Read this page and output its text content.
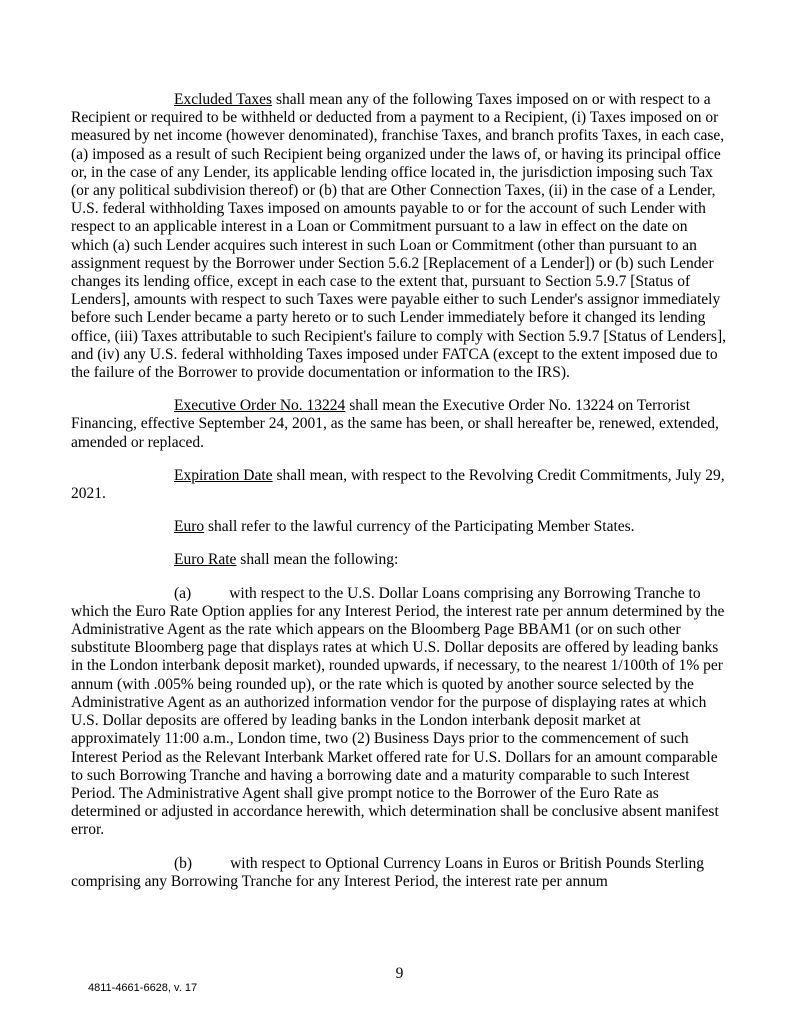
Excluded Taxes shall mean any of the following Taxes imposed on or with respect to a Recipient or required to be withheld or deducted from a payment to a Recipient, (i) Taxes imposed on or measured by net income (however denominated), franchise Taxes, and branch profits Taxes, in each case, (a) imposed as a result of such Recipient being organized under the laws of, or having its principal office or, in the case of any Lender, its applicable lending office located in, the jurisdiction imposing such Tax (or any political subdivision thereof) or (b) that are Other Connection Taxes, (ii) in the case of a Lender, U.S. federal withholding Taxes imposed on amounts payable to or for the account of such Lender with respect to an applicable interest in a Loan or Commitment pursuant to a law in effect on the date on which (a) such Lender acquires such interest in such Loan or Commitment (other than pursuant to an assignment request by the Borrower under Section 5.6.2 [Replacement of a Lender]) or (b) such Lender changes its lending office, except in each case to the extent that, pursuant to Section 5.9.7 [Status of Lenders], amounts with respect to such Taxes were payable either to such Lender's assignor immediately before such Lender became a party hereto or to such Lender immediately before it changed its lending office, (iii) Taxes attributable to such Recipient's failure to comply with Section 5.9.7 [Status of Lenders], and (iv) any U.S. federal withholding Taxes imposed under FATCA (except to the extent imposed due to the failure of the Borrower to provide documentation or information to the IRS).

Executive Order No. 13224 shall mean the Executive Order No. 13224 on Terrorist Financing, effective September 24, 2001, as the same has been, or shall hereafter be, renewed, extended, amended or replaced.

Expiration Date shall mean, with respect to the Revolving Credit Commitments, July 29, 2021.

Euro shall refer to the lawful currency of the Participating Member States.

Euro Rate shall mean the following:

(a) with respect to the U.S. Dollar Loans comprising any Borrowing Tranche to which the Euro Rate Option applies for any Interest Period, the interest rate per annum determined by the Administrative Agent as the rate which appears on the Bloomberg Page BBAM1 (or on such other substitute Bloomberg page that displays rates at which U.S. Dollar deposits are offered by leading banks in the London interbank deposit market), rounded upwards, if necessary, to the nearest 1/100th of 1% per annum (with .005% being rounded up), or the rate which is quoted by another source selected by the Administrative Agent as an authorized information vendor for the purpose of displaying rates at which U.S. Dollar deposits are offered by leading banks in the London interbank deposit market at approximately 11:00 a.m., London time, two (2) Business Days prior to the commencement of such Interest Period as the Relevant Interbank Market offered rate for U.S. Dollars for an amount comparable to such Borrowing Tranche and having a borrowing date and a maturity comparable to such Interest Period. The Administrative Agent shall give prompt notice to the Borrower of the Euro Rate as determined or adjusted in accordance herewith, which determination shall be conclusive absent manifest error.

(b) with respect to Optional Currency Loans in Euros or British Pounds Sterling comprising any Borrowing Tranche for any Interest Period, the interest rate per annum

9
4811-4661-6628, v. 17
